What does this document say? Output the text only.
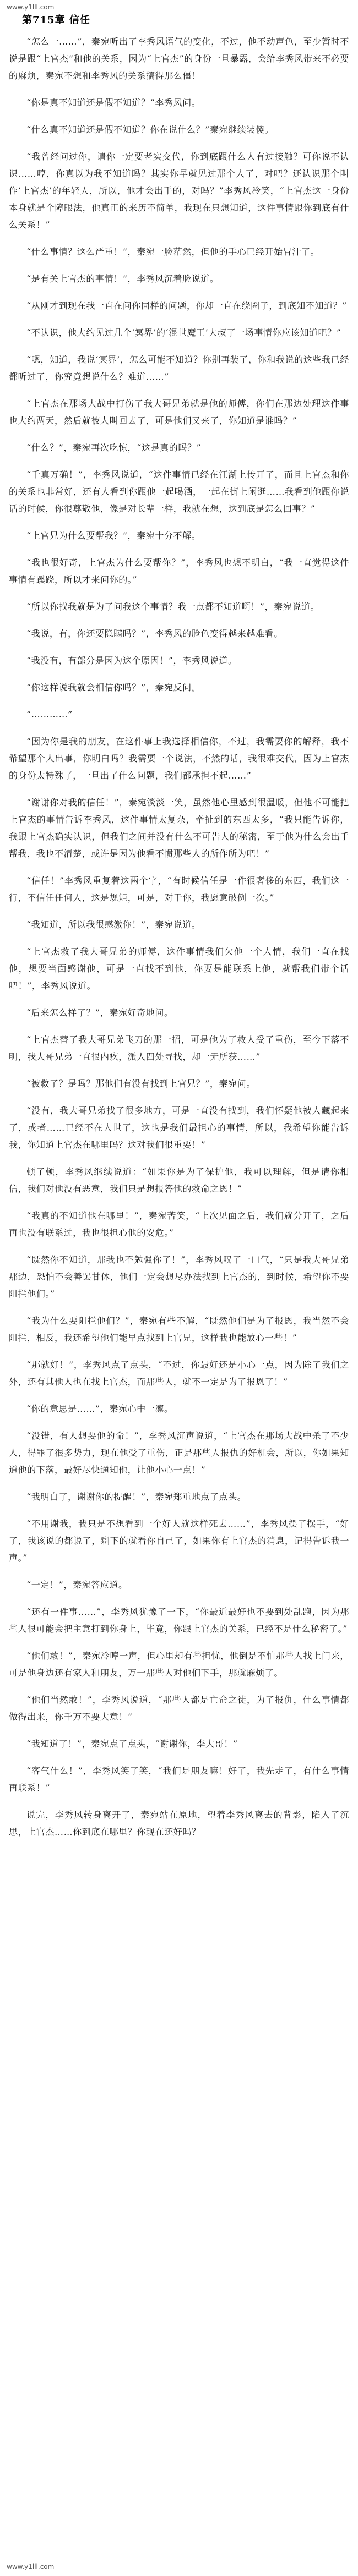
www.y1lll.com
第715章 信任

“怎么一……”，秦宛听出了李秀风语气的变化，不过，他不动声色，至少暂时不说是跟“上官杰”和他的关系，因为“上官杰”的身份一旦暴露，会给李秀风带来不必要的麻烦，秦宛不想和李秀风的关系搞得那么僵！

“你是真不知道还是假不知道？”李秀风问。

“什么真不知道还是假不知道？你在说什么？”秦宛继续装傻。

“我曾经问过你，请你一定要老实交代，你到底跟什么人有过接触？可你说不认识……哼，你真以为我不知道吗？其实你早就见过那个人了，对吧？还认识那个叫作‘上官杰’的年轻人，所以，他才会出手的，对吗？”李秀风冷笑，“上官杰这一身份本身就是个障眼法，他真正的来历不简单，我现在只想知道，这件事情跟你到底有什么关系！”

“什么事情？这么严重！”，秦宛一脸茫然，但他的手心已经开始冒汗了。

“是有关上官杰的事情！”，李秀风沉着脸说道。

“从刚才到现在我一直在问你同样的问题，你却一直在绕圈子，到底知不知道？”

“不认识，他大约见过几个‘冥界’的‘混世魔王’大叔了一场事情你应该知道吧？”

“嗯，知道，我说‘冥界’，怎么可能不知道？你别再装了，你和我说的这些我已经都听过了，你究竟想说什么？难道……”

“上官杰在那场大战中打伤了我大哥兄弟就是他的师傅，你们在那边处理这件事也大约两天，然后就被人叫回去了，可是他们又来了，你知道是谁吗？”

“什么？”，秦宛再次吃惊，“这是真的吗？”

“千真万确！”，李秀风说道，“这件事情已经在江湖上传开了，而且上官杰和你的关系也非常好，还有人看到你跟他一起喝酒，一起在街上闲逛……我看到他跟你说话的时候，你很尊敬他，像是对长辈一样，我就在想，这到底是怎么回事？”

“上官兄为什么要帮我？”，秦宛十分不解。

“我也很好奇，上官杰为什么要帮你？”，李秀风也想不明白，“我一直觉得这件事情有蹊跷，所以才来问你的。”

“所以你找我就是为了问我这个事情？我一点都不知道啊！”，秦宛说道。

“我说，有，你还要隐瞒吗？”，李秀风的脸色变得越来越难看。

“我没有，有部分是因为这个原因！”，李秀风说道。

“你这样说我就会相信你吗？”，秦宛反问。

“…………”

“因为你是我的朋友，在这件事上我选择相信你，不过，我需要你的解释，我不希望那个人出事，你明白吗？我需要一个说法，不然的话，我很难交代，因为上官杰的身份太特殊了，一旦出了什么问题，我们都承担不起……”

“谢谢你对我的信任！”，秦宛淡淡一笑，虽然他心里感到很温暖，但他不可能把上官杰的事情告诉李秀风，这件事情太复杂，牵扯到的东西太多，“我只能告诉你，我跟上官杰确实认识，但我们之间并没有什么不可告人的秘密，至于他为什么会出手帮我，我也不清楚，或许是因为他看不惯那些人的所作所为吧！”

“信任！”李秀风重复着这两个字，“有时候信任是一件很奢侈的东西，我们这一行，不信任任何人，这是规矩，可是，对于你，我愿意破例一次。”

“我知道，所以我很感激你！”，秦宛说道。

“上官杰救了我大哥兄弟的师傅，这件事情我们欠他一个人情，我们一直在找他，想要当面感谢他，可是一直找不到他，你要是能联系上他，就帮我们带个话吧！”，李秀风说道。

“后来怎么样了？”，秦宛好奇地问。

“上官杰替了我大哥兄弟飞刀的那一招，可是他为了救人受了重伤，至今下落不明，我大哥兄弟一直很内疚，派人四处寻找，却一无所获……”

“被救了？是吗？那他们有没有找到上官兄？”，秦宛问。

“没有，我大哥兄弟找了很多地方，可是一直没有找到，我们怀疑他被人藏起来了，或者……已经不在人世了，这也是我们最担心的事情，所以，我希望你能告诉我，你知道上官杰在哪里吗？这对我们很重要！”

顿了顿，李秀风继续说道：“如果你是为了保护他，我可以理解，但是请你相信，我们对他没有恶意，我们只是想报答他的救命之恩！”

“我真的不知道他在哪里！”，秦宛苦笑，“上次见面之后，我们就分开了，之后再也没有联系过，我也很担心他的安危。”

“既然你不知道，那我也不勉强你了！”，李秀风叹了一口气，“只是我大哥兄弟那边，恐怕不会善罢甘休，他们一定会想尽办法找到上官杰的，到时候，希望你不要阻拦他们。”

“我为什么要阻拦他们？”，秦宛有些不解，“既然他们是为了报恩，我当然不会阻拦，相反，我还希望他们能早点找到上官兄，这样我也能放心一些！”

“那就好！”，李秀风点了点头，“不过，你最好还是小心一点，因为除了我们之外，还有其他人也在找上官杰，而那些人，就不一定是为了报恩了！”

“你的意思是……”，秦宛心中一凛。

“没错，有人想要他的命！”，李秀风沉声说道，“上官杰在那场大战中杀了不少人，得罪了很多势力，现在他受了重伤，正是那些人报仇的好机会，所以，你如果知道他的下落，最好尽快通知他，让他小心一点！”

“我明白了，谢谢你的提醒！”，秦宛郑重地点了点头。

“不用谢我，我只是不想看到一个好人就这样死去……”，李秀风摆了摆手，“好了，我该说的都说了，剩下的就看你自己了，如果你有上官杰的消息，记得告诉我一声。”

“一定！”，秦宛答应道。

“还有一件事……”，李秀风犹豫了一下，“你最近最好也不要到处乱跑，因为那些人很可能会把主意打到你身上，毕竟，你跟上官杰的关系，已经不是什么秘密了。”

“他们敢！”，秦宛冷哼一声，但心里却有些担忧，他倒是不怕那些人找上门来，可是他身边还有家人和朋友，万一那些人对他们下手，那就麻烦了。

“他们当然敢！”，李秀风说道，“那些人都是亡命之徒，为了报仇，什么事情都做得出来，你千万不要大意！”

“我知道了！”，秦宛点了点头，“谢谢你，李大哥！”

“客气什么！”，李秀风笑了笑，“我们是朋友嘛！好了，我先走了，有什么事情再联系！”

说完，李秀风转身离开了，秦宛站在原地，望着李秀风离去的背影，陷入了沉思，上官杰……你到底在哪里？你现在还好吗？

www.y1lll.com
